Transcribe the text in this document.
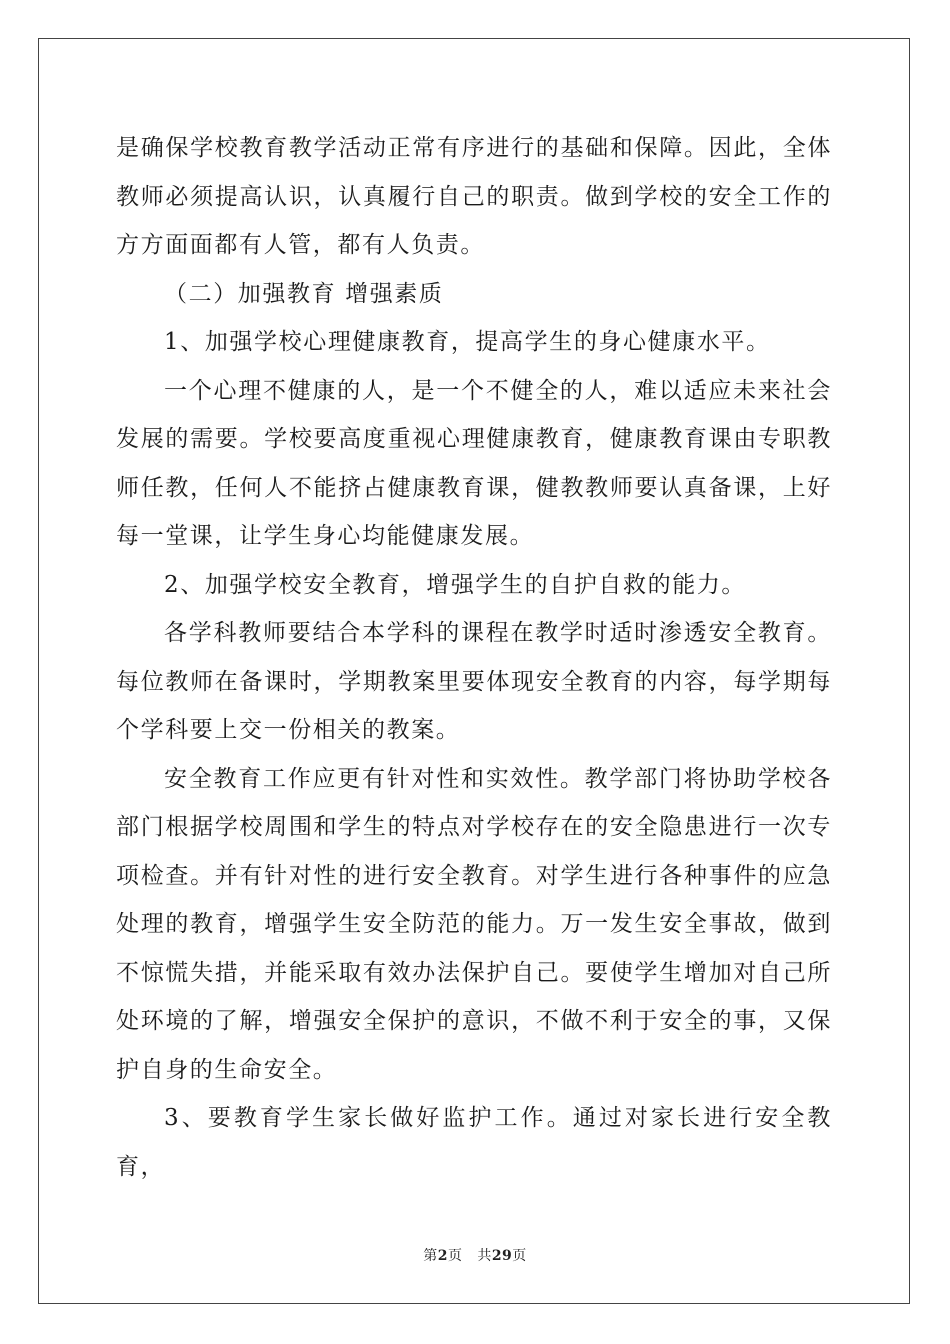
是确保学校教育教学活动正常有序进行的基础和保障。因此，全体教师必须提高认识，认真履行自己的职责。做到学校的安全工作的方方面面都有人管，都有人负责。

（二）加强教育 增强素质

1、加强学校心理健康教育，提高学生的身心健康水平。

一个心理不健康的人，是一个不健全的人，难以适应未来社会发展的需要。学校要高度重视心理健康教育，健康教育课由专职教师任教，任何人不能挤占健康教育课，健教教师要认真备课，上好每一堂课，让学生身心均能健康发展。

2、加强学校安全教育，增强学生的自护自救的能力。

各学科教师要结合本学科的课程在教学时适时渗透安全教育。每位教师在备课时，学期教案里要体现安全教育的内容，每学期每个学科要上交一份相关的教案。

安全教育工作应更有针对性和实效性。教学部门将协助学校各部门根据学校周围和学生的特点对学校存在的安全隐患进行一次专项检查。并有针对性的进行安全教育。对学生进行各种事件的应急处理的教育，增强学生安全防范的能力。万一发生安全事故，做到不惊慌失措，并能采取有效办法保护自己。要使学生增加对自己所处环境的了解，增强安全保护的意识，不做不利于安全的事，又保护自身的生命安全。

3、要教育学生家长做好监护工作。通过对家长进行安全教育，

第2页 共29页
